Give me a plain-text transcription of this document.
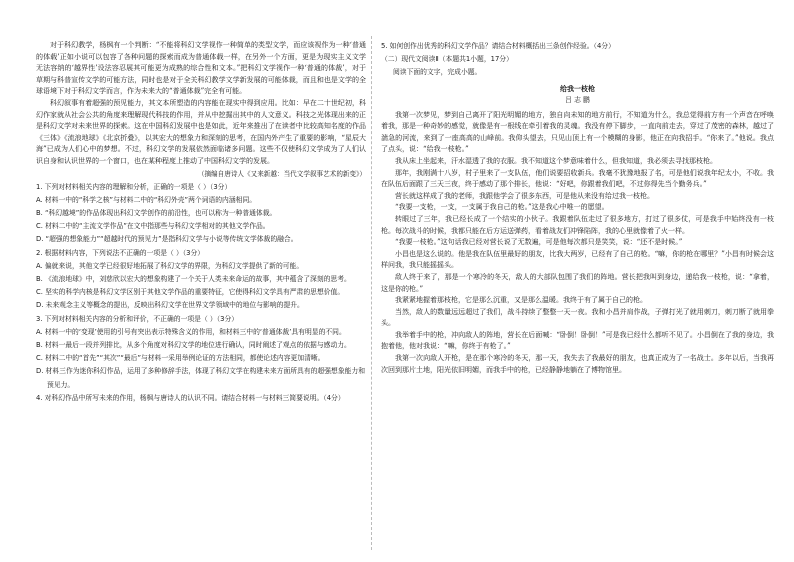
对于科幻教学，杨枫有一个判断：“不能将科幻文学视作一种简单的类型文学，而应该视作为一种‘普通的体载’正如小说可以包容了各种问题的探索而成为普通体载一样，在另外一个方面，更是为现实主义文学无法容纳的‘越界性’设法容忍展其可能更为成熟的综合性和文本。”把科幻文学视作一种‘普通的体裁’，对于草期与科普宣传文学的可能方法，同时也是对于全关科幻教学文学新发展的可能体裁，而且和也是文学的全球语境下对于科幻文学而言，作为未来大的“普通体裁”完全有可能。

科幻叙事有着超强的预见能力，其文本所塑造的内容能在现实中得到应用。比如：早在二十世纪初，科幻作家就从社会公共的角度来理解现代科技的作用，并从中挖掘出其中的人文意义。科技之光体现出来的正是科幻文学对未来世界的探索。这在中国科幻发展中也是如此，近年来推出了在读者中比较高知名度的作品《三体》《流浪地球》《北京折叠》，以其宏大的想象力和深刻的思考，在国内外产生了重要的影响，“星辰大海”已成为人们心中的梦想。不过，科幻文学的发展依然面临诸多问题。这些不仅使科幻文学成为了人们认识自身和认识世界的一个窗口，也在某种程度上推动了中国科幻文学的发展。

（摘编自唐诗人《又来新越：当代文学叙事艺术的新变》）

1. 下列对材料相关内容的理解和分析，正确的一项是（ ）（3分）

A. 材料一中的“科学之核”与材料二中的“科幻外壳”两个词语的内涵相同。

B. “科幻越境”的作品体现出科幻文学创作的前沿性，也可以称为一种普通体裁。

C. 材料二中的“主流文学作品”在文中指那些与科幻文学相对的其他文学作品。

D. “超强的想象能力”“超越时代的预见力”是指科幻文学与小说等传统文学体裁的融合。

2. 根据材料内容，下列说法不正确的一项是（ ）（3分）

A. 偏就来说，其他文学已经很好地拓展了科幻文学的界限，为科幻文学提供了新的可能。

B. 《流浪地球》中，刘慈欣以宏大的想象构建了一个关于人类未来命运的故事，其中蕴含了深刻的思考。

C. 坚实的科学内核是科幻文学区别于其他文学作品的重要特征，它使得科幻文学具有严肃的思想价值。

D. 未来观念主义等概念的提出，反映出科幻文学在世界文学领域中的地位与影响的提升。

3. 下列对材料相关内容的分析和评价，不正确的一项是（ ）（3分）

A. 材料一中的‘变现’使用的引号有突出表示特殊含义的作用，和材料三中的‘普通体裁’具有明显的不同。

B. 材料一最后一段并列排比，从多个角度对科幻文学的地位进行确认，同时阐述了观点的依据与感动力。

C. 材料二中的“首先”“其次”“最后”与材料一采用举例论证的方法相同，都使论述内容更加清晰。

D. 材料三作为迷你科幻作品，运用了多种修辞手法，体现了科幻文学在构建未来方面所具有的超强想象能力和预见力。

4. 对科幻作品中所写未来的作用，杨枫与唐诗人的认识不同。请结合材料一与材料三简要说明。（4分）

5. 如何创作出优秀的科幻文学作品？请结合材料概括出三条创作经验。（4分）

（二）现代文阅读Ⅱ（本题共1小题，17分）

阅读下面的文字，完成小题。

给我一枝枪

吕 志 鹏

我第一次梦见，梦到自己离开了阳光明媚的地方，独自向未知的地方前行，不知道为什么，我总觉得前方有一个声音在呼唤着我，那是一种奇妙的感觉，就像是有一根线在牵引着我的灵魂。我没有停下脚步，一直向前走去，穿过了茂密的森林，越过了湍急的河流，来到了一座高高的山峰前。我仰头望去，只见山顶上有一个模糊的身影，他正在向我招手。“你来了。”他说。我点了点头，说：“给我一枝枪。”

我从床上坐起来，汗水湿透了我的衣服。我不知道这个梦意味着什么，但我知道，我必须去寻找那枝枪。

那年，我刚满十八岁，村子里来了一支队伍，他们说要招收新兵。我毫不犹豫地报了名，可是他们说我年纪太小，不收。我在队伍后面跟了三天三夜，终于感动了那个排长，他说：“好吧，你跟着我们吧，不过你得先当个勤务兵。”

营长就这样成了我的老师，我跟他学会了很多东西，可是他从来没有给过我一枝枪。

“我要一支枪，一支，一支属于我自己的枪。”这是我心中唯一的愿望。

转眼过了三年，我已经长成了一个结实的小伙子。我跟着队伍走过了很多地方，打过了很多仗，可是我手中始终没有一枝枪。每次战斗的时候，我都只能在后方运送弹药，看着战友们冲锋陷阵，我的心里就像着了火一样。

“我要一枝枪。”这句话我已经对营长说了无数遍，可是他每次都只是笑笑，说：“还不是时候。”

小昌也是这么说的。他是我在队伍里最好的朋友，比我大两岁，已经有了自己的枪。“嘛，你的枪在哪里？”小昌有时候会这样问我，我只能摇摇头。

敌人终于来了，那是一个寒冷的冬天，敌人的大部队包围了我们的阵地。营长把我叫到身边，递给我一枝枪，说：“拿着，这是你的枪。”

我紧紧地握着那枝枪，它是那么沉重，又是那么温暖。我终于有了属于自己的枪。

当然，敌人的数量远远超过了我们，战斗持续了整整一天一夜。我和小昌并肩作战，子弹打光了就用刺刀，刺刀断了就用拳头。

我举着手中的枪，冲向敌人的阵地，营长在后面喊：“卧倒！卧倒！”可是我已经什么都听不见了。小昌倒在了我的身边，我抱着他，他对我说：“嘛，你终于有枪了。”

我第一次向敌人开枪，是在那个寒冷的冬天，那一天，我失去了我最好的朋友，也真正成为了一名战士。多年以后，当我再次回到那片土地，阳光依旧明媚，而我手中的枪，已经静静地躺在了博物馆里。
